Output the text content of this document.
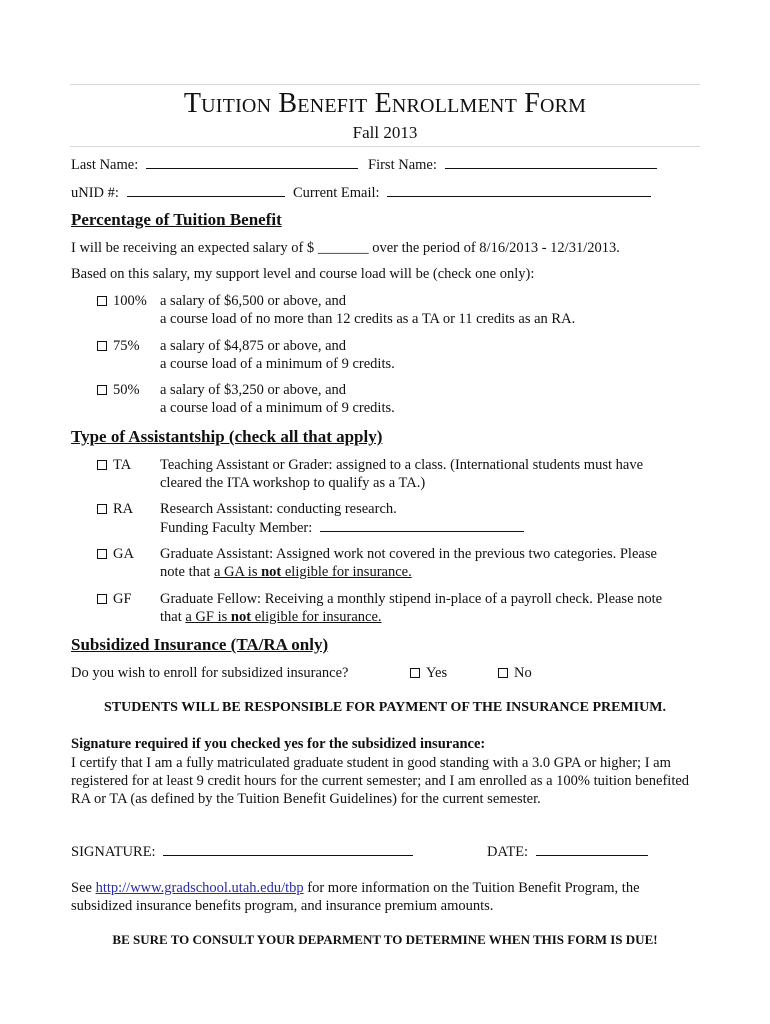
Tuition Benefit Enrollment Form
Fall 2013
Last Name:	First Name:
uNID #:	Current Email:
Percentage of Tuition Benefit
I will be receiving an expected salary of $ _______ over the period of 8/16/2013 - 12/31/2013.
Based on this salary, my support level and course load will be (check one only):
100% a salary of $6,500 or above, and
a course load of no more than 12 credits as a TA or 11 credits as an RA.
75% a salary of $4,875 or above, and
a course load of a minimum of 9 credits.
50% a salary of $3,250 or above, and
a course load of a minimum of 9 credits.
Type of Assistantship (check all that apply)
TA Teaching Assistant or Grader: assigned to a class. (International students must have
cleared the ITA workshop to qualify as a TA.)
RA Research Assistant: conducting research.
Funding Faculty Member:
GA Graduate Assistant: Assigned work not covered in the previous two categories. Please
note that a GA is not eligible for insurance.
GF Graduate Fellow: Receiving a monthly stipend in-place of a payroll check. Please note
that a GF is not eligible for insurance.
Subsidized Insurance (TA/RA only)
Do you wish to enroll for subsidized insurance?	Yes	No
STUDENTS WILL BE RESPONSIBLE FOR PAYMENT OF THE INSURANCE PREMIUM.
Signature required if you checked yes for the subsidized insurance:
I certify that I am a fully matriculated graduate student in good standing with a 3.0 GPA or higher; I am registered for at least 9 credit hours for the current semester; and I am enrolled as a 100% tuition benefited RA or TA (as defined by the Tuition Benefit Guidelines) for the current semester.
SIGNATURE:	DATE:
See http://www.gradschool.utah.edu/tbp for more information on the Tuition Benefit Program, the subsidized insurance benefits program, and insurance premium amounts.
BE SURE TO CONSULT YOUR DEPARMENT TO DETERMINE WHEN THIS FORM IS DUE!
